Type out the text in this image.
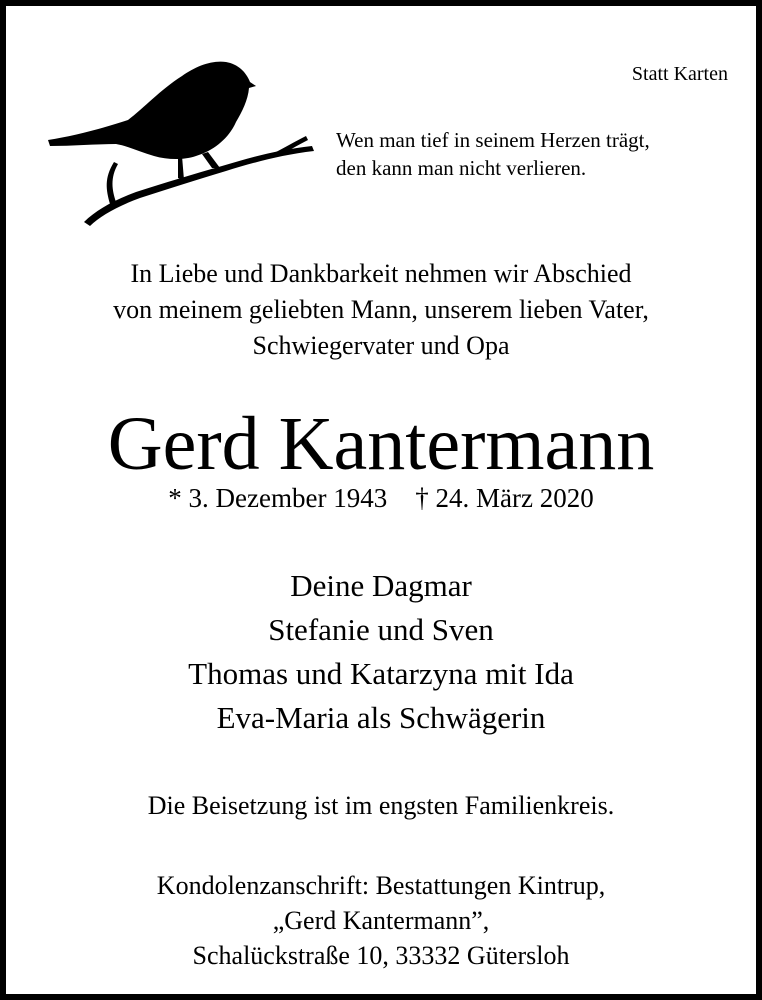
Statt Karten
Wen man tief in seinem Herzen trägt,
den kann man nicht verlieren.
In Liebe und Dankbarkeit nehmen wir Abschied
von meinem geliebten Mann, unserem lieben Vater,
Schwiegervater und Opa
Gerd Kantermann
* 3. Dezember 1943 † 24. März 2020
Deine Dagmar
Stefanie und Sven
Thomas und Katarzyna mit Ida
Eva-Maria als Schwägerin
Die Beisetzung ist im engsten Familienkreis.
Kondolenzanschrift: Bestattungen Kintrup,
„Gerd Kantermann”,
Schalückstraße 10, 33332 Gütersloh
